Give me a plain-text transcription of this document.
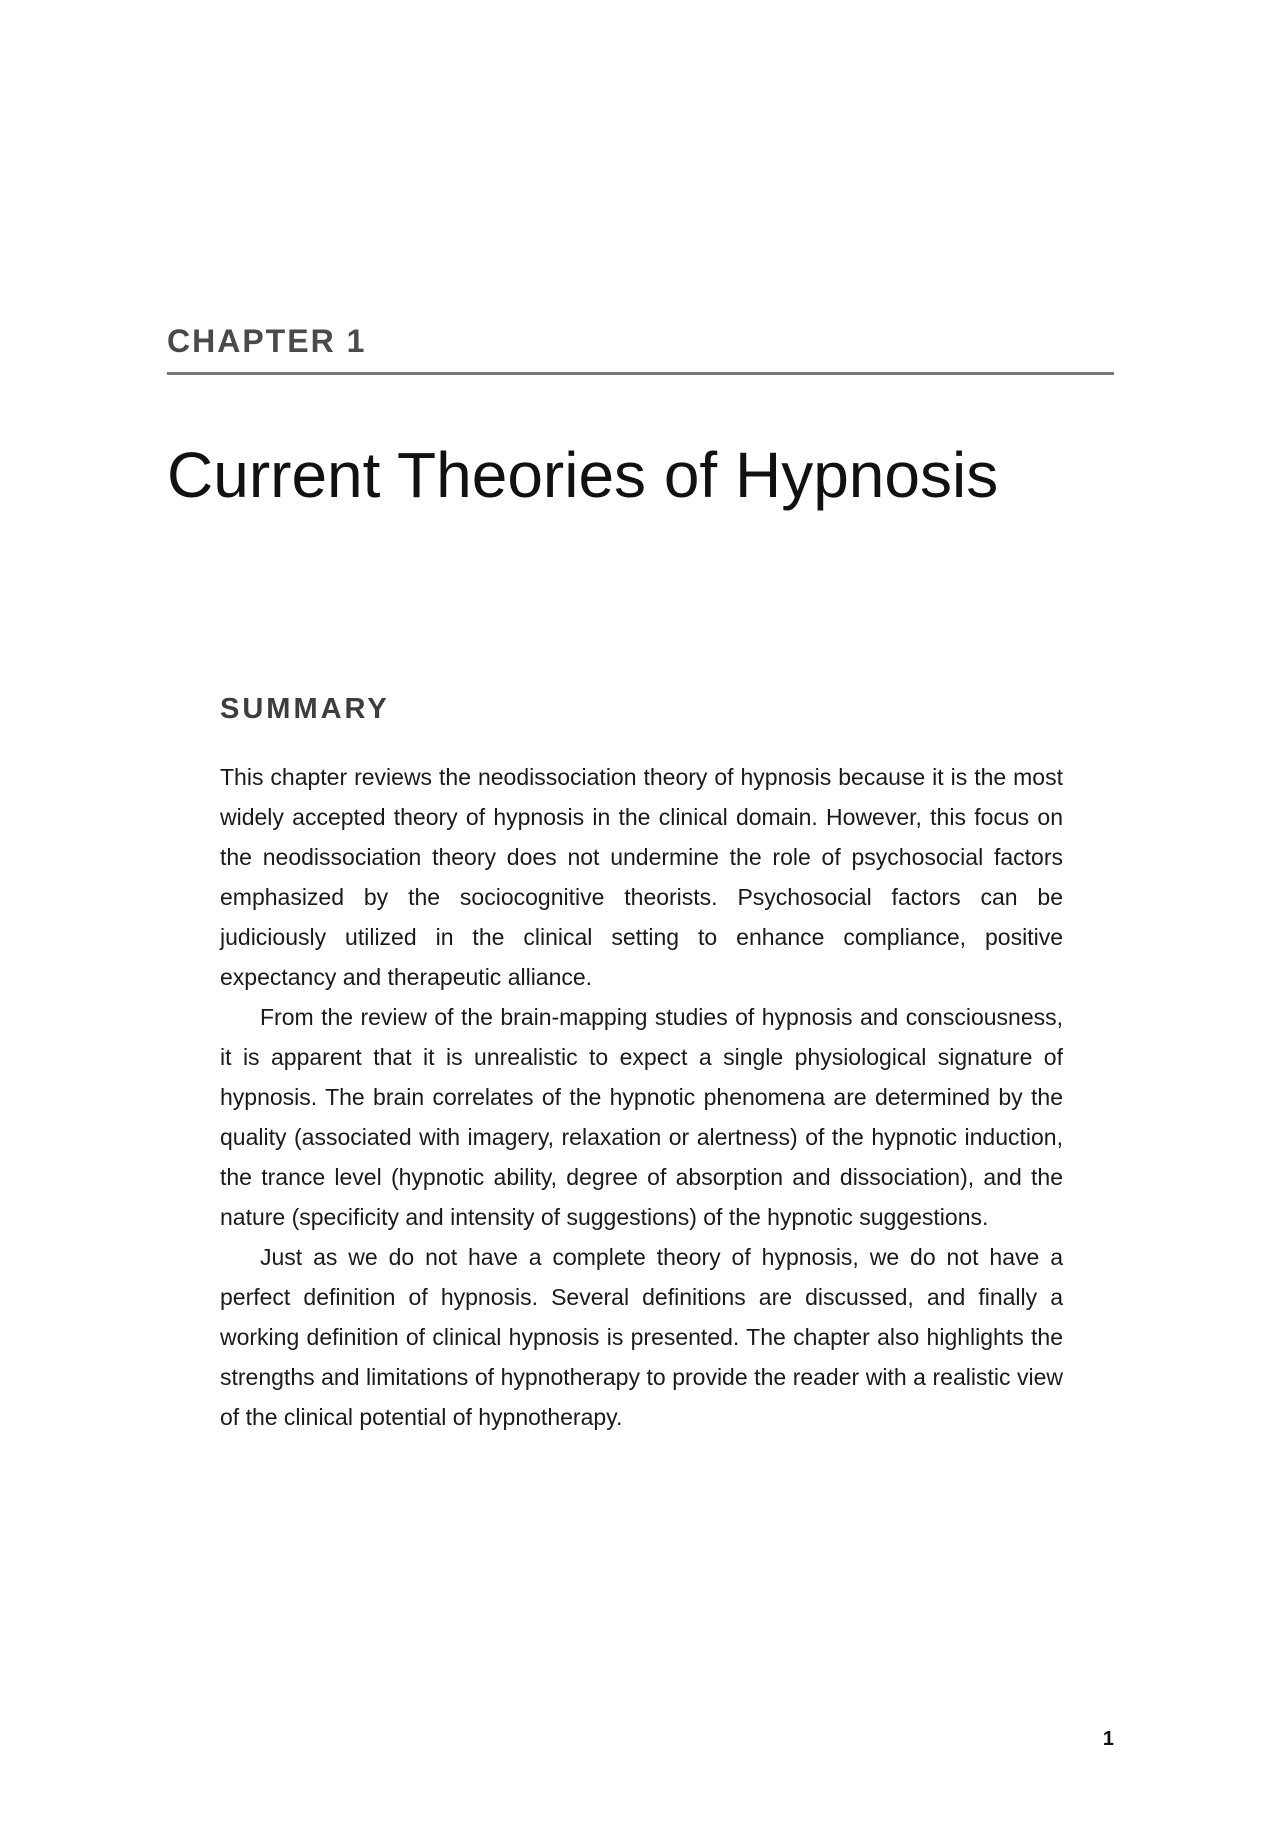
CHAPTER 1
Current Theories of Hypnosis
SUMMARY

This chapter reviews the neodissociation theory of hypnosis because it is the most widely accepted theory of hypnosis in the clinical domain. However, this focus on the neodissociation theory does not undermine the role of psychosocial factors emphasized by the sociocognitive theorists. Psychosocial factors can be judiciously utilized in the clinical setting to enhance compliance, positive expectancy and therapeutic alliance.

From the review of the brain-mapping studies of hypnosis and consciousness, it is apparent that it is unrealistic to expect a single physiological signature of hypnosis. The brain correlates of the hypnotic phenomena are determined by the quality (associated with imagery, relaxation or alertness) of the hypnotic induction, the trance level (hypnotic ability, degree of absorption and dissociation), and the nature (specificity and intensity of suggestions) of the hypnotic suggestions.

Just as we do not have a complete theory of hypnosis, we do not have a perfect definition of hypnosis. Several definitions are discussed, and finally a working definition of clinical hypnosis is presented. The chapter also highlights the strengths and limitations of hypnotherapy to provide the reader with a realistic view of the clinical potential of hypnotherapy.

1
